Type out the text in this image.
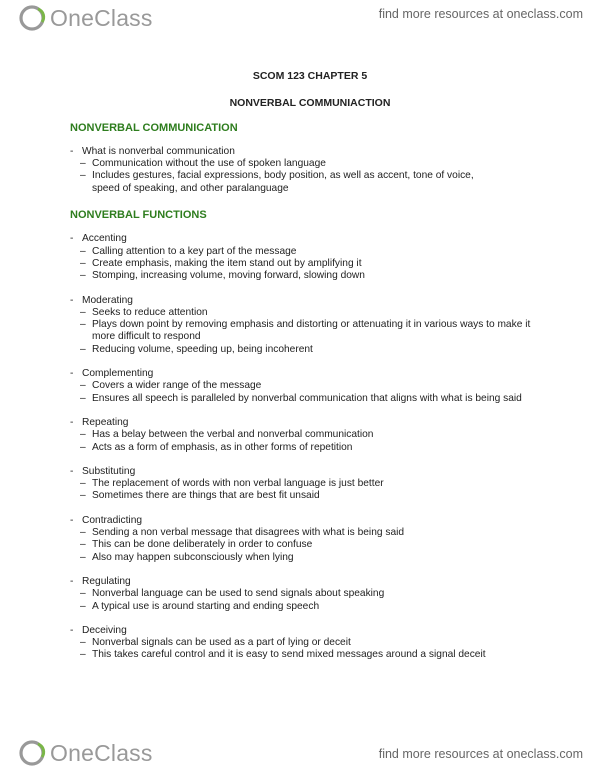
OneClass	find more resources at oneclass.com
SCOM 123 CHAPTER 5
NONVERBAL COMMUNIACTION
NONVERBAL COMMUNICATION
- What is nonverbal communication
– Communication without the use of spoken language
– Includes gestures, facial expressions, body position, as well as accent, tone of voice,
speed of speaking, and other paralanguage
NONVERBAL FUNCTIONS
- Accenting
– Calling attention to a key part of the message
– Create emphasis, making the item stand out by amplifying it
– Stomping, increasing volume, moving forward, slowing down
- Moderating
– Seeks to reduce attention
– Plays down point by removing emphasis and distorting or attenuating it in various ways to make it more difficult to respond
– Reducing volume, speeding up, being incoherent
- Complementing
– Covers a wider range of the message
– Ensures all speech is paralleled by nonverbal communication that aligns with what is being said
- Repeating
– Has a belay between the verbal and nonverbal communication
– Acts as a form of emphasis, as in other forms of repetition
- Substituting
– The replacement of words with non verbal language is just better
– Sometimes there are things that are best fit unsaid
- Contradicting
– Sending a non verbal message that disagrees with what is being said
– This can be done deliberately in order to confuse
– Also may happen subconsciously when lying
- Regulating
– Nonverbal language can be used to send signals about speaking
– A typical use is around starting and ending speech
- Deceiving
– Nonverbal signals can be used as a part of lying or deceit
– This takes careful control and it is easy to send mixed messages around a signal deceit
OneClass	find more resources at oneclass.com
